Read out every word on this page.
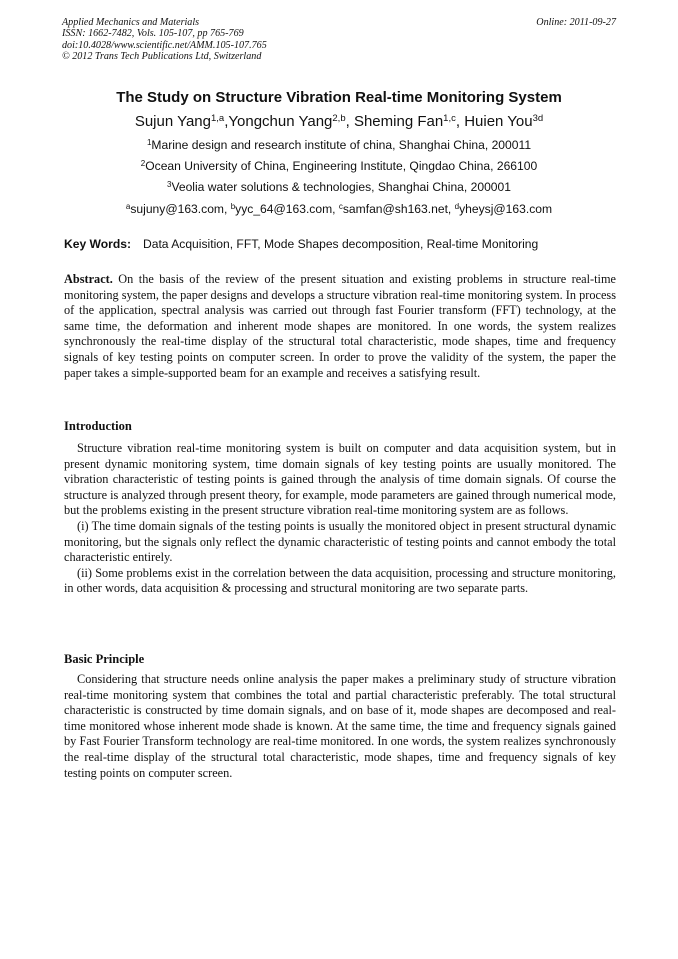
Applied Mechanics and Materials
ISSN: 1662-7482, Vols. 105-107, pp 765-769
doi:10.4028/www.scientific.net/AMM.105-107.765
© 2012 Trans Tech Publications Ltd, Switzerland
Online: 2011-09-27
The Study on Structure Vibration Real-time Monitoring System
Sujun Yang$^{1,a}$,Yongchun Yang$^{2,b}$, Sheming Fan$^{1,c}$, Huien You$^{3d}$
$^1$Marine design and research institute of china, Shanghai China, 200011
$^2$Ocean University of China, Engineering Institute, Qingdao China, 266100
$^3$Veolia water solutions & technologies, Shanghai China, 200001
$^a$sujuny@163.com, $^b$yyc_64@163.com, $^c$samfan@sh163.net, $^d$yheysj@163.com
Key Words: Data Acquisition, FFT, Mode Shapes decomposition, Real-time Monitoring

Abstract. On the basis of the review of the present situation and existing problems in structure real-time monitoring system, the paper designs and develops a structure vibration real-time monitoring system. In process of the application, spectral analysis was carried out through fast Fourier transform (FFT) technology, at the same time, the deformation and inherent mode shapes are monitored. In one words, the system realizes synchronously the real-time display of the structural total characteristic, mode shapes, time and frequency signals of key testing points on computer screen. In order to prove the validity of the system, the paper the paper takes a simple-supported beam for an example and receives a satisfying result.

Introduction

Structure vibration real-time monitoring system is built on computer and data acquisition system, but in present dynamic monitoring system, time domain signals of key testing points are usually monitored. The vibration characteristic of testing points is gained through the analysis of time domain signals. Of course the structure is analyzed through present theory, for example, mode parameters are gained through numerical mode, but the problems existing in the present structure vibration real-time monitoring system are as follows.

(i) The time domain signals of the testing points is usually the monitored object in present structural dynamic monitoring, but the signals only reflect the dynamic characteristic of testing points and cannot embody the total characteristic entirely.

(ii) Some problems exist in the correlation between the data acquisition, processing and structure monitoring, in other words, data acquisition & processing and structural monitoring are two separate parts.

Basic Principle

Considering that structure needs online analysis the paper makes a preliminary study of structure vibration real-time monitoring system that combines the total and partial characteristic preferably. The total structural characteristic is constructed by time domain signals, and on base of it, mode shapes are decomposed and real-time monitored whose inherent mode shade is known. At the same time, the time and frequency signals gained by Fast Fourier Transform technology are real-time monitored. In one words, the system realizes synchronously the real-time display of the structural total characteristic, mode shapes, time and frequency signals of key testing points on computer screen.
